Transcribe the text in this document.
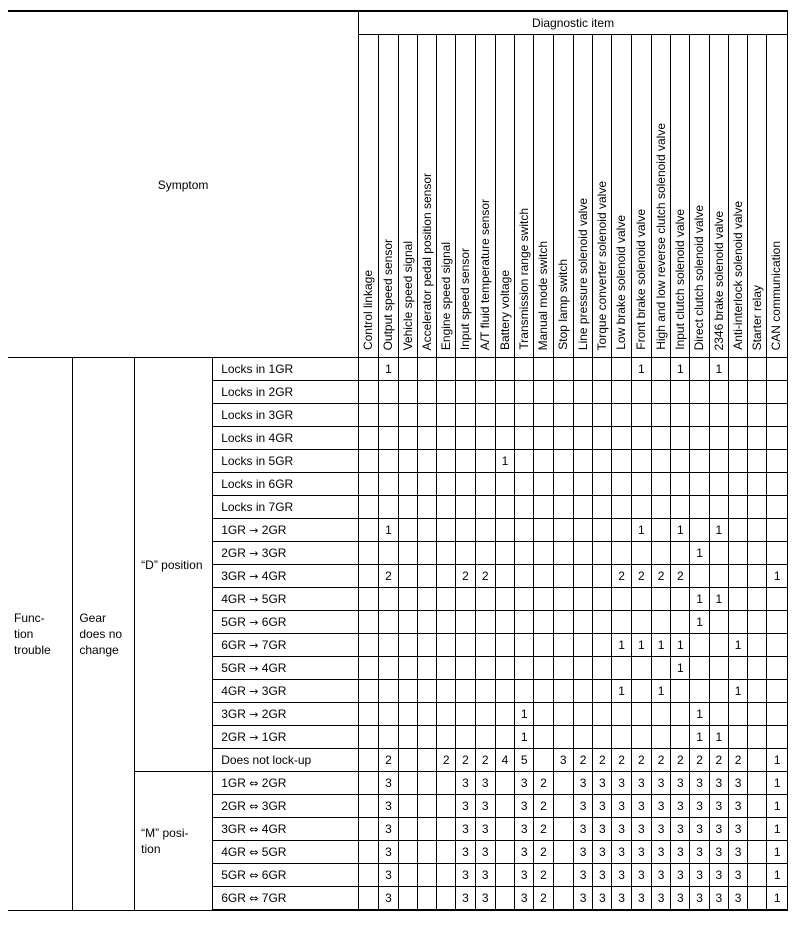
Symptom				Diagnostic item																					
				Control linkage	Output speed sensor	Vehicle speed signal	Accelerator pedal position sensor	Engine speed signal	Input speed sensor	A/T fluid temperature sensor	Battery voltage	Transmission range switch	Manual mode switch	Stop lamp switch	Line pressure solenoid valve	Torque converter solenoid valve	Low brake solenoid valve	Front brake solenoid valve	High and low reverse clutch solenoid valve	Input clutch solenoid valve	Direct clutch solenoid valve	2346 brake solenoid valve	Anti-interlock solenoid valve	Starter relay	CAN communication
Func-
tion
trouble	Gear
does no
change	“D” position	Locks in 1GR		1													1		1		1			
			Locks in 2GR																						
			Locks in 3GR																						
			Locks in 4GR																						
			Locks in 5GR								1														
			Locks in 6GR																						
			Locks in 7GR																						
			1GR → 2GR		1													1		1		1			
			2GR → 3GR																		1				
			3GR → 4GR		2				2	2							2	2	2	2					1
			4GR → 5GR																		1	1			
			5GR → 6GR																		1				
			6GR → 7GR														1	1	1	1			1		
			5GR → 4GR																	1					
			4GR → 3GR														1		1				1		
			3GR → 2GR									1									1				
			2GR → 1GR									1									1	1			
			Does not lock-up		2			2	2	2	4	5		3	2	2	2	2	2	2	2	2	2		1
		“M” posi-
tion	1GR ⇔ 2GR		3				3	3		3	2		3	3	3	3	3	3	3	3	3		1
			2GR ⇔ 3GR		3				3	3		3	2		3	3	3	3	3	3	3	3	3		1
			3GR ⇔ 4GR		3				3	3		3	2		3	3	3	3	3	3	3	3	3		1
			4GR ⇔ 5GR		3				3	3		3	2		3	3	3	3	3	3	3	3	3		1
			5GR ⇔ 6GR		3				3	3		3	2		3	3	3	3	3	3	3	3	3		1
			6GR ⇔ 7GR		3				3	3		3	2		3	3	3	3	3	3	3	3	3		1
